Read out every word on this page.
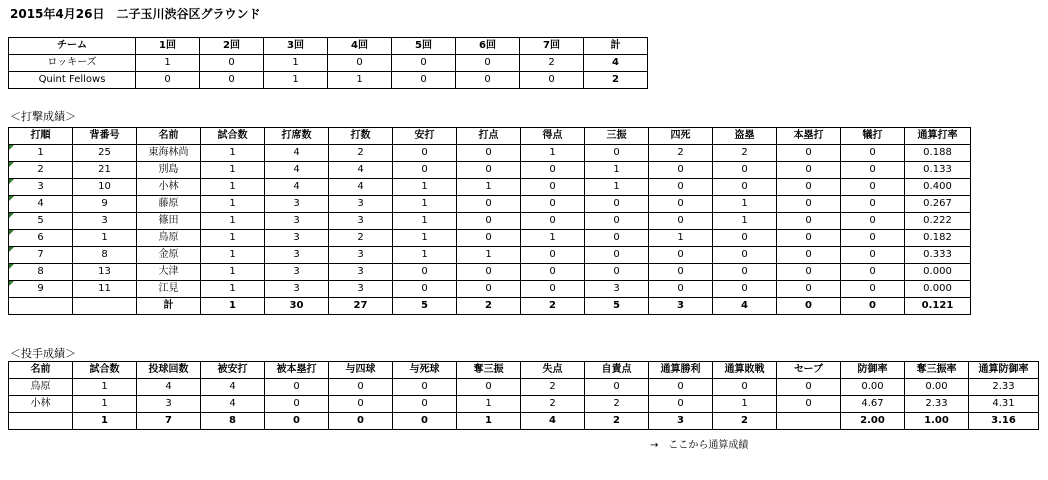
2015年4月26日　二子玉川渋谷区グラウンド
チーム	1回	2回	3回	4回	5回	6回	7回	計
ロッキーズ	1	0	1	0	0	0	2	4
Quint Fellows	0	0	1	1	0	0	0	2
＜打撃成績＞
打順	背番号	名前	試合数	打席数	打数	安打	打点	得点	三振	四死	盗塁	本塁打	犠打	通算打率
1	25	東海林尚	1	4	2	0	0	1	0	2	2	0	0	0.188
2	21	別島	1	4	4	0	0	0	1	0	0	0	0	0.133
3	10	小林	1	4	4	1	1	0	1	0	0	0	0	0.400
4	9	藤原	1	3	3	1	0	0	0	0	1	0	0	0.267
5	3	篠田	1	3	3	1	0	0	0	0	1	0	0	0.222
6	1	鳥原	1	3	2	1	0	1	0	1	0	0	0	0.182
7	8	金原	1	3	3	1	1	0	0	0	0	0	0	0.333
8	13	大津	1	3	3	0	0	0	0	0	0	0	0	0.000
9	11	江見	1	3	3	0	0	0	3	0	0	0	0	0.000
		計	1	30	27	5	2	2	5	3	4	0	0	0.121
＜投手成績＞
名前	試合数	投球回数	被安打	被本塁打	与四球	与死球	奪三振	失点	自責点	通算勝利	通算敗戦	セーブ	防御率	奪三振率	通算防御率
鳥原	1	4	4	0	0	0	0	2	0	0	0	0	0.00	0.00	2.33
小林	1	3	4	0	0	0	1	2	2	0	1	0	4.67	2.33	4.31
	1	7	8	0	0	0	1	4	2	3	2		2.00	1.00	3.16
→　ここから通算成績
